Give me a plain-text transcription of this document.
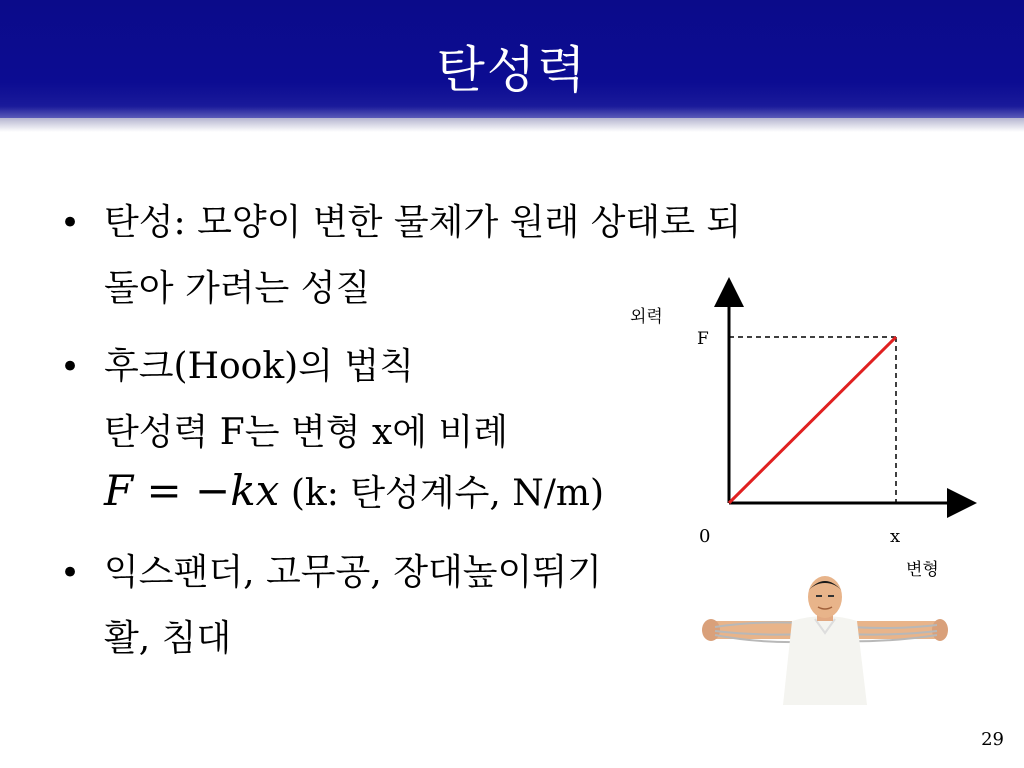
탄성력
• 탄성: 모양이 변한 물체가 원래 상태로 되
돌아 가려는 성질
• 후크(Hook)의 법칙
탄성력 F는 변형 x에 비례
F = −kx (k: 탄성계수, N/m)
• 익스팬더, 고무공, 장대높이뛰기
활, 침대
외력
F
0	x
변형
29
